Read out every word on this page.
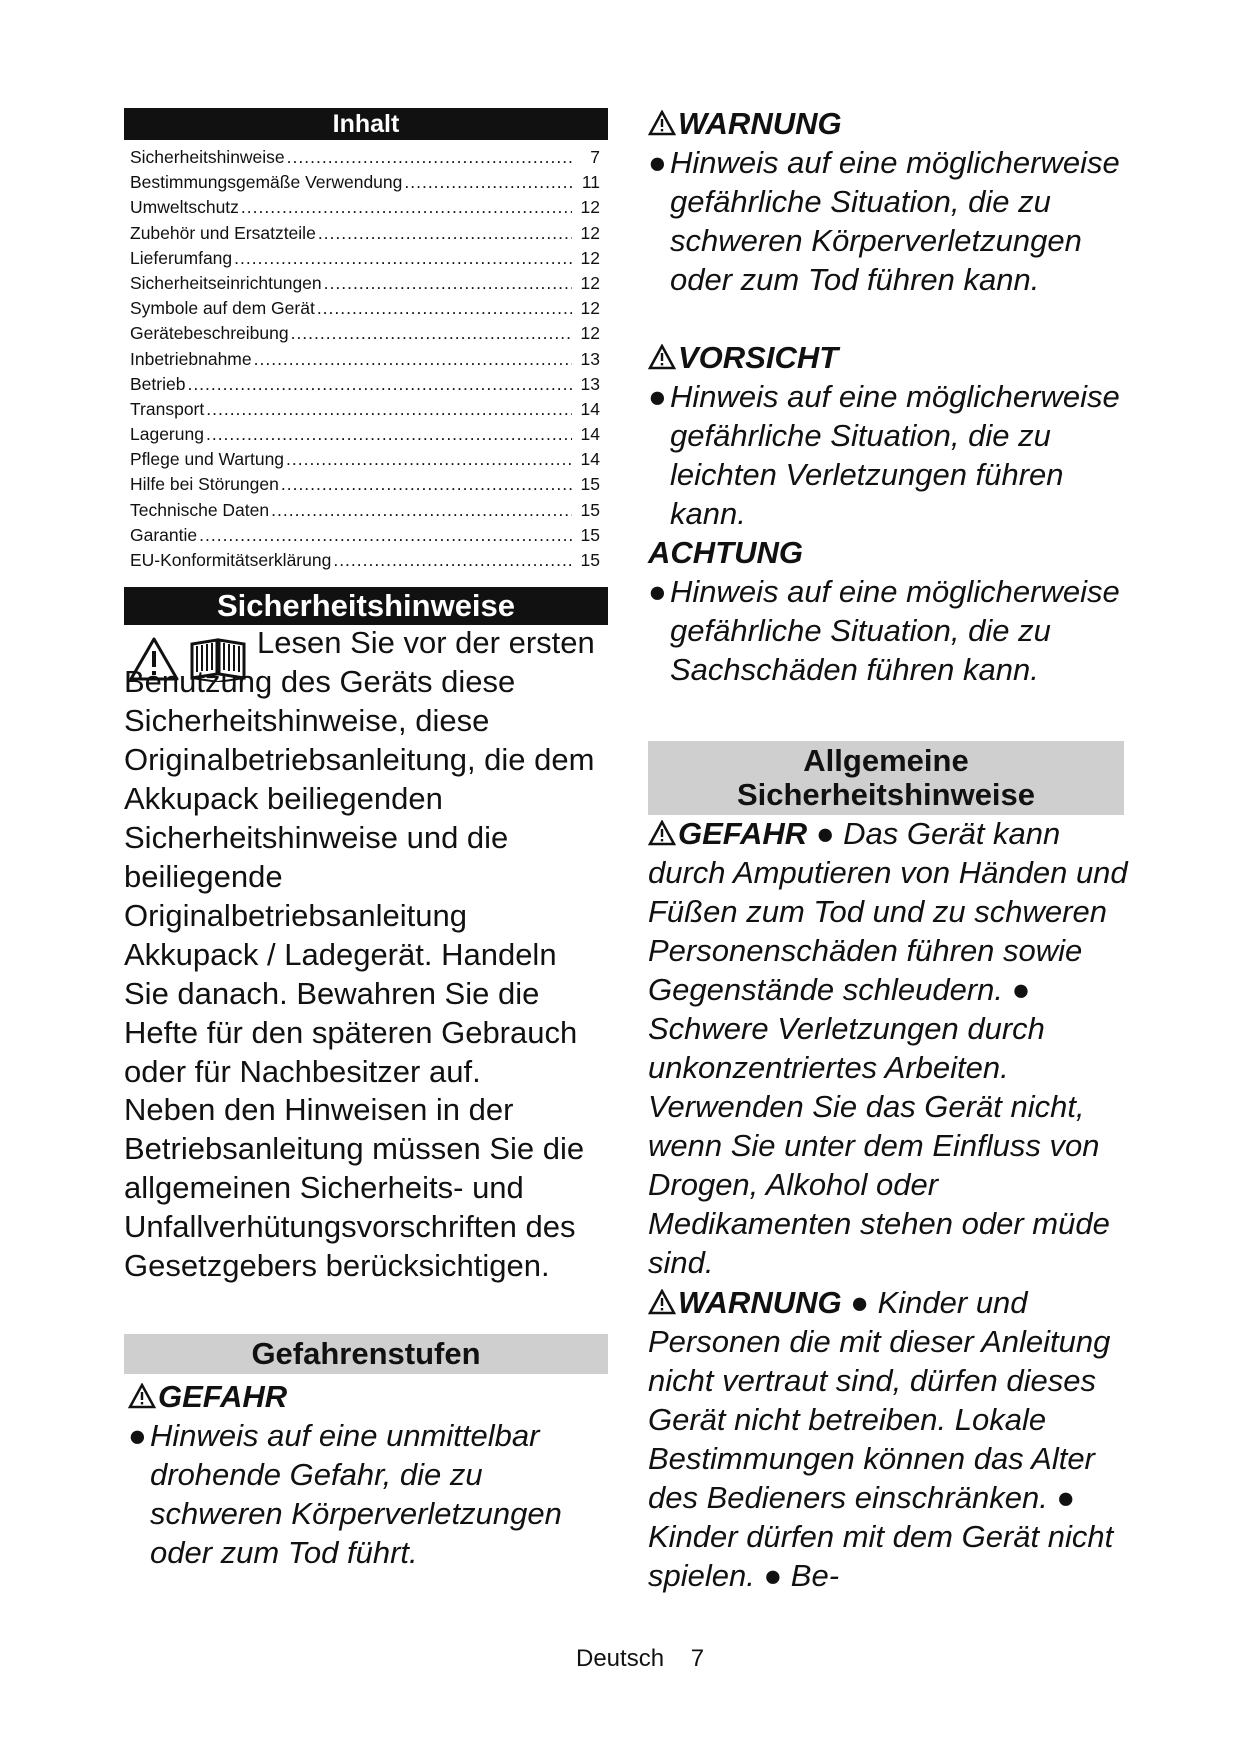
Inhalt
Sicherheitshinweise .....	7
Bestimmungsgemäße Verwendung .....	11
Umweltschutz .....	12
Zubehör und Ersatzteile .....	12
Lieferumfang .....	12
Sicherheitseinrichtungen .....	12
Symbole auf dem Gerät .....	12
Gerätebeschreibung .....	12
Inbetriebnahme .....	13
Betrieb .....	13
Transport .....	14
Lagerung .....	14
Pflege und Wartung .....	14
Hilfe bei Störungen .....	15
Technische Daten .....	15
Garantie .....	15
EU-Konformitätserklärung .....	15
Sicherheitshinweise

Lesen Sie vor der ersten Benutzung des Geräts diese Sicherheitshinweise, diese Originalbetriebsanleitung, die dem Akkupack beiliegenden Sicherheitshinweise und die beiliegende Originalbetriebsanleitung Akkupack / Ladegerät. Handeln Sie danach. Bewahren Sie die Hefte für den späteren Gebrauch oder für Nachbesitzer auf.

Neben den Hinweisen in der Betriebsanleitung müssen Sie die allgemeinen Sicherheits- und Unfallverhütungsvorschriften des Gesetzgebers berücksichtigen.

Gefahrenstufen
GEFAHR

● Hinweis auf eine unmittelbar drohende Gefahr, die zu schweren Körperverletzungen oder zum Tod führt.

WARNUNG

● Hinweis auf eine möglicherweise gefährliche Situation, die zu schweren Körperverletzungen oder zum Tod führen kann.

VORSICHT

● Hinweis auf eine möglicherweise gefährliche Situation, die zu leichten Verletzungen führen kann.

ACHTUNG

● Hinweis auf eine möglicherweise gefährliche Situation, die zu Sachschäden führen kann.

Allgemeine
Sicherheitshinweise

GEFAHR ● Das Gerät kann durch Amputieren von Händen und Füßen zum Tod und zu schweren Personenschäden führen sowie Gegenstände schleudern. ● Schwere Verletzungen durch unkonzentriertes Arbeiten. Verwenden Sie das Gerät nicht, wenn Sie unter dem Einfluss von Drogen, Alkohol oder Medikamenten stehen oder müde sind.

WARNUNG ● Kinder und Personen die mit dieser Anleitung nicht vertraut sind, dürfen dieses Gerät nicht betreiben. Lokale Bestimmungen können das Alter des Bedieners einschränken. ● Kinder dürfen mit dem Gerät nicht spielen. ● Be-

Deutsch 7
